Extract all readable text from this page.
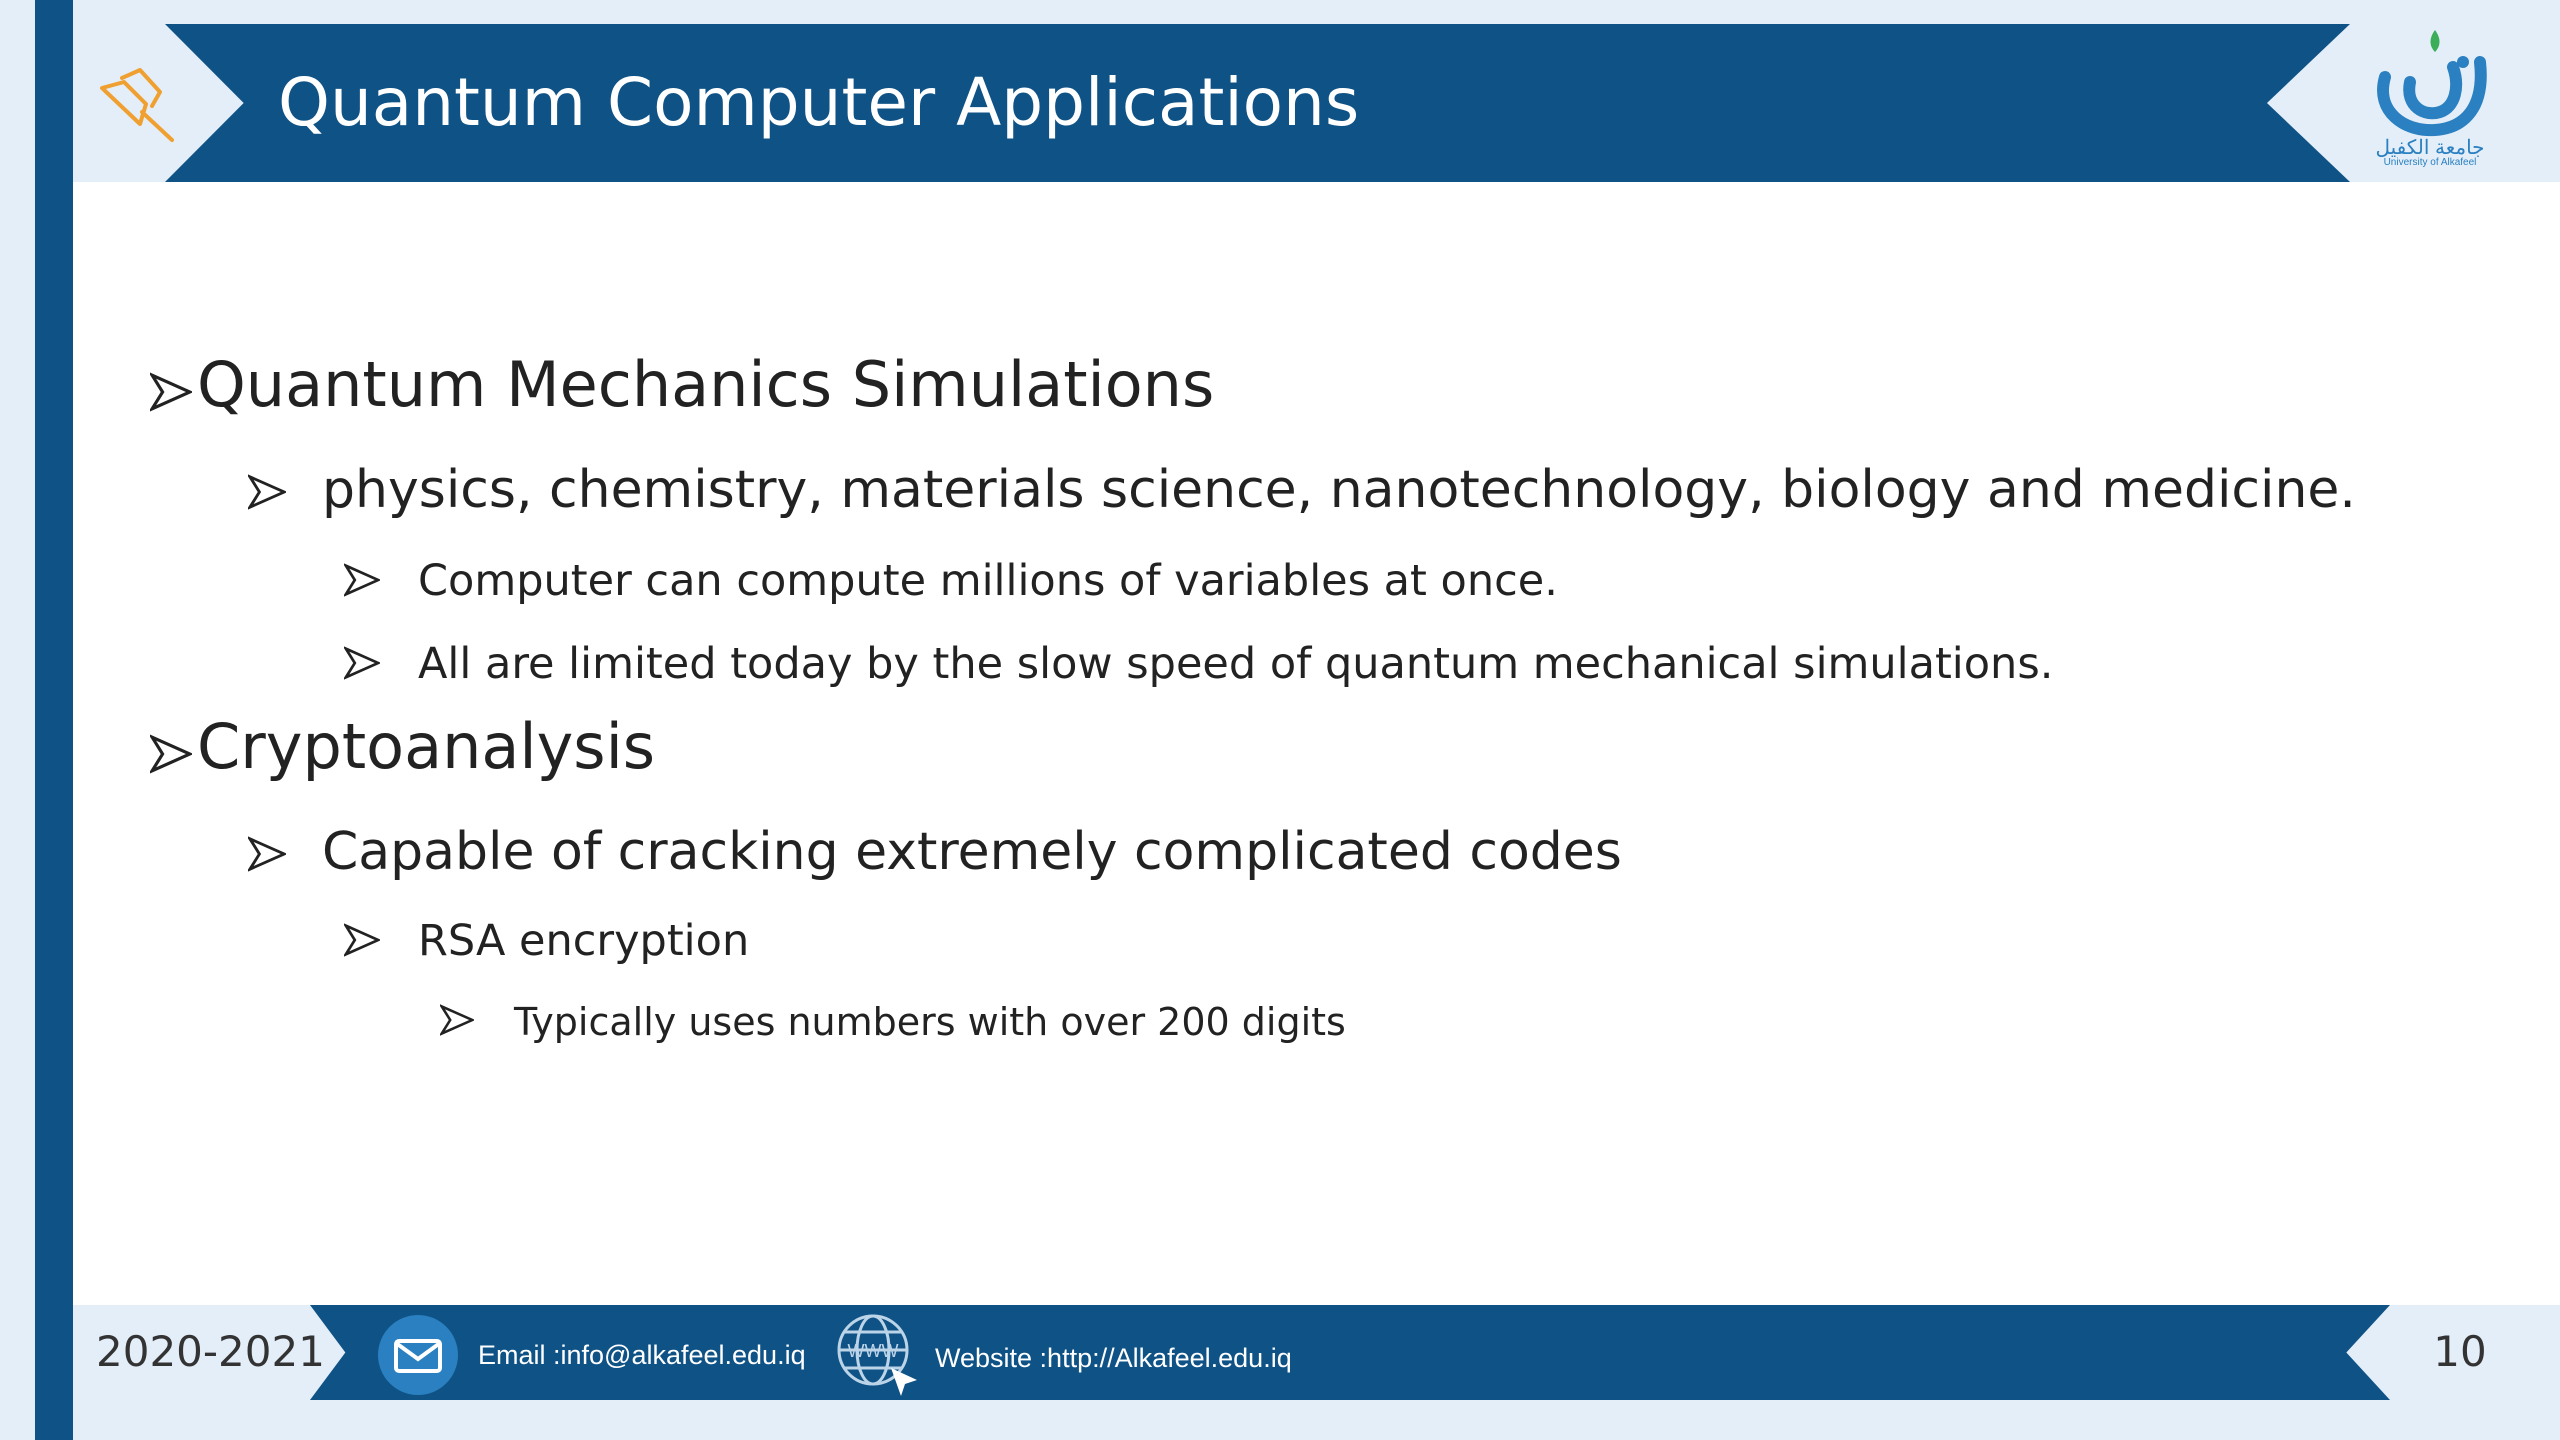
Quantum Computer Applications
جامعة الكفيل
University of Alkafeel
Quantum Mechanics Simulations
physics, chemistry, materials science, nanotechnology, biology and medicine.
Computer can compute millions of variables at once.
All are limited today by the slow speed of quantum mechanical simulations.
Cryptoanalysis
Capable of cracking extremely complicated codes
RSA encryption
Typically uses numbers with over 200 digits
2020-2021	Email :info@alkafeel.edu.iq WWW Website :http://Alkafeel.edu.iq	10
